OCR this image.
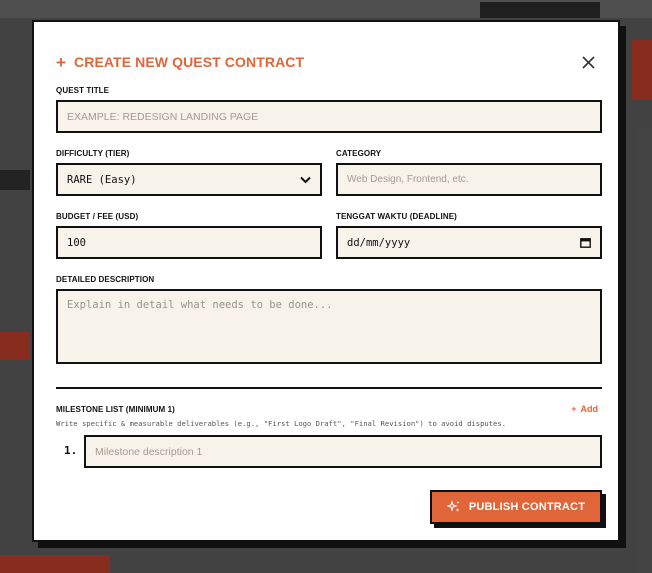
+ CREATE NEW QUEST CONTRACT
QUEST TITLE
EXAMPLE: REDESIGN LANDING PAGE
DIFFICULTY (TIER)
RARE (Easy)
CATEGORY
Web Design, Frontend, etc.
BUDGET / FEE (USD)
100
TENGGAT WAKTU (DEADLINE)
dd/mm/yyyy
DETAILED DESCRIPTION
Explain in detail what needs to be done...
MILESTONE LIST (MINIMUM 1)	+ Add
Write specific & measurable deliverables (e.g., "First Logo Draft", "Final Revision") to avoid disputes.
1. Milestone description 1
PUBLISH CONTRACT
